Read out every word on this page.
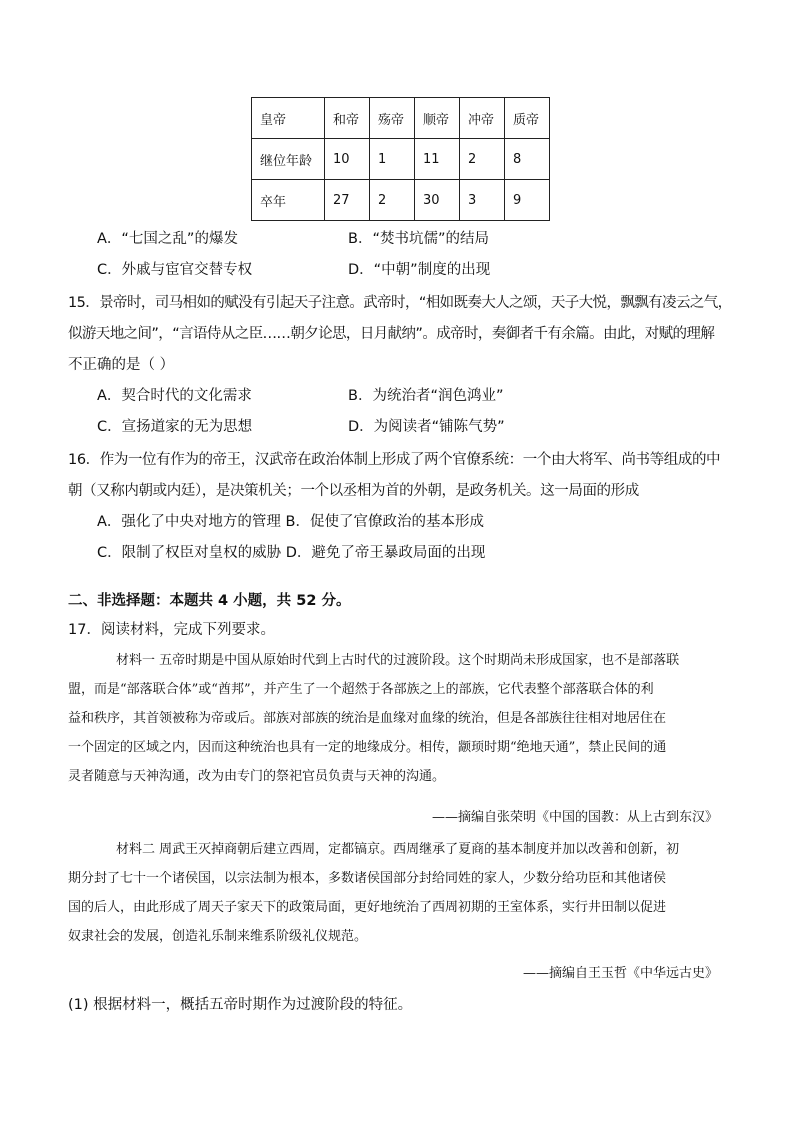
皇帝	和帝	殇帝	顺帝	冲帝	质帝
继位年龄	10	1	11	2	8
卒年	27	2	30	3	9
A．“七国之乱”的爆发	B．“焚书坑儒”的结局
C．外戚与宦官交替专权	D．“中朝”制度的出现
15．景帝时，司马相如的赋没有引起天子注意。武帝时，“相如既奏大人之颂，天子大悦，飘飘有凌云之气，
似游天地之间”，“言语侍从之臣……朝夕论思，日月献纳”。成帝时，奏御者千有余篇。由此，对赋的理解
不正确的是（ ）
A．契合时代的文化需求	B．为统治者“润色鸿业”
C．宣扬道家的无为思想	D．为阅读者“铺陈气势”
16．作为一位有作为的帝王，汉武帝在政治体制上形成了两个官僚系统：一个由大将军、尚书等组成的中
朝（又称内朝或内廷），是决策机关；一个以丞相为首的外朝，是政务机关。这一局面的形成
A．强化了中央对地方的管理 B．促使了官僚政治的基本形成
C．限制了权臣对皇权的威胁 D．避免了帝王暴政局面的出现
二、非选择题：本题共 4 小题，共 52 分。
17．阅读材料，完成下列要求。

材料一 五帝时期是中国从原始时代到上古时代的过渡阶段。这个时期尚未形成国家，也不是部落联

盟，而是“部落联合体”或“酋邦”，并产生了一个超然于各部族之上的部族，它代表整个部落联合体的利

益和秩序，其首领被称为帝或后。部族对部族的统治是血缘对血缘的统治，但是各部族往往相对地居住在

一个固定的区域之内，因而这种统治也具有一定的地缘成分。相传，颛顼时期“绝地天通”，禁止民间的通

灵者随意与天神沟通，改为由专门的祭祀官员负责与天神的沟通。

——摘编自张荣明《中国的国教：从上古到东汉》

材料二 周武王灭掉商朝后建立西周，定都镐京。西周继承了夏商的基本制度并加以改善和创新，初

期分封了七十一个诸侯国，以宗法制为根本，多数诸侯国部分封给同姓的家人，少数分给功臣和其他诸侯

国的后人，由此形成了周天子家天下的政策局面，更好地统治了西周初期的王室体系，实行井田制以促进

奴隶社会的发展，创造礼乐制来维系阶级礼仪规范。

——摘编自王玉哲《中华远古史》
(1) 根据材料一，概括五帝时期作为过渡阶段的特征。
